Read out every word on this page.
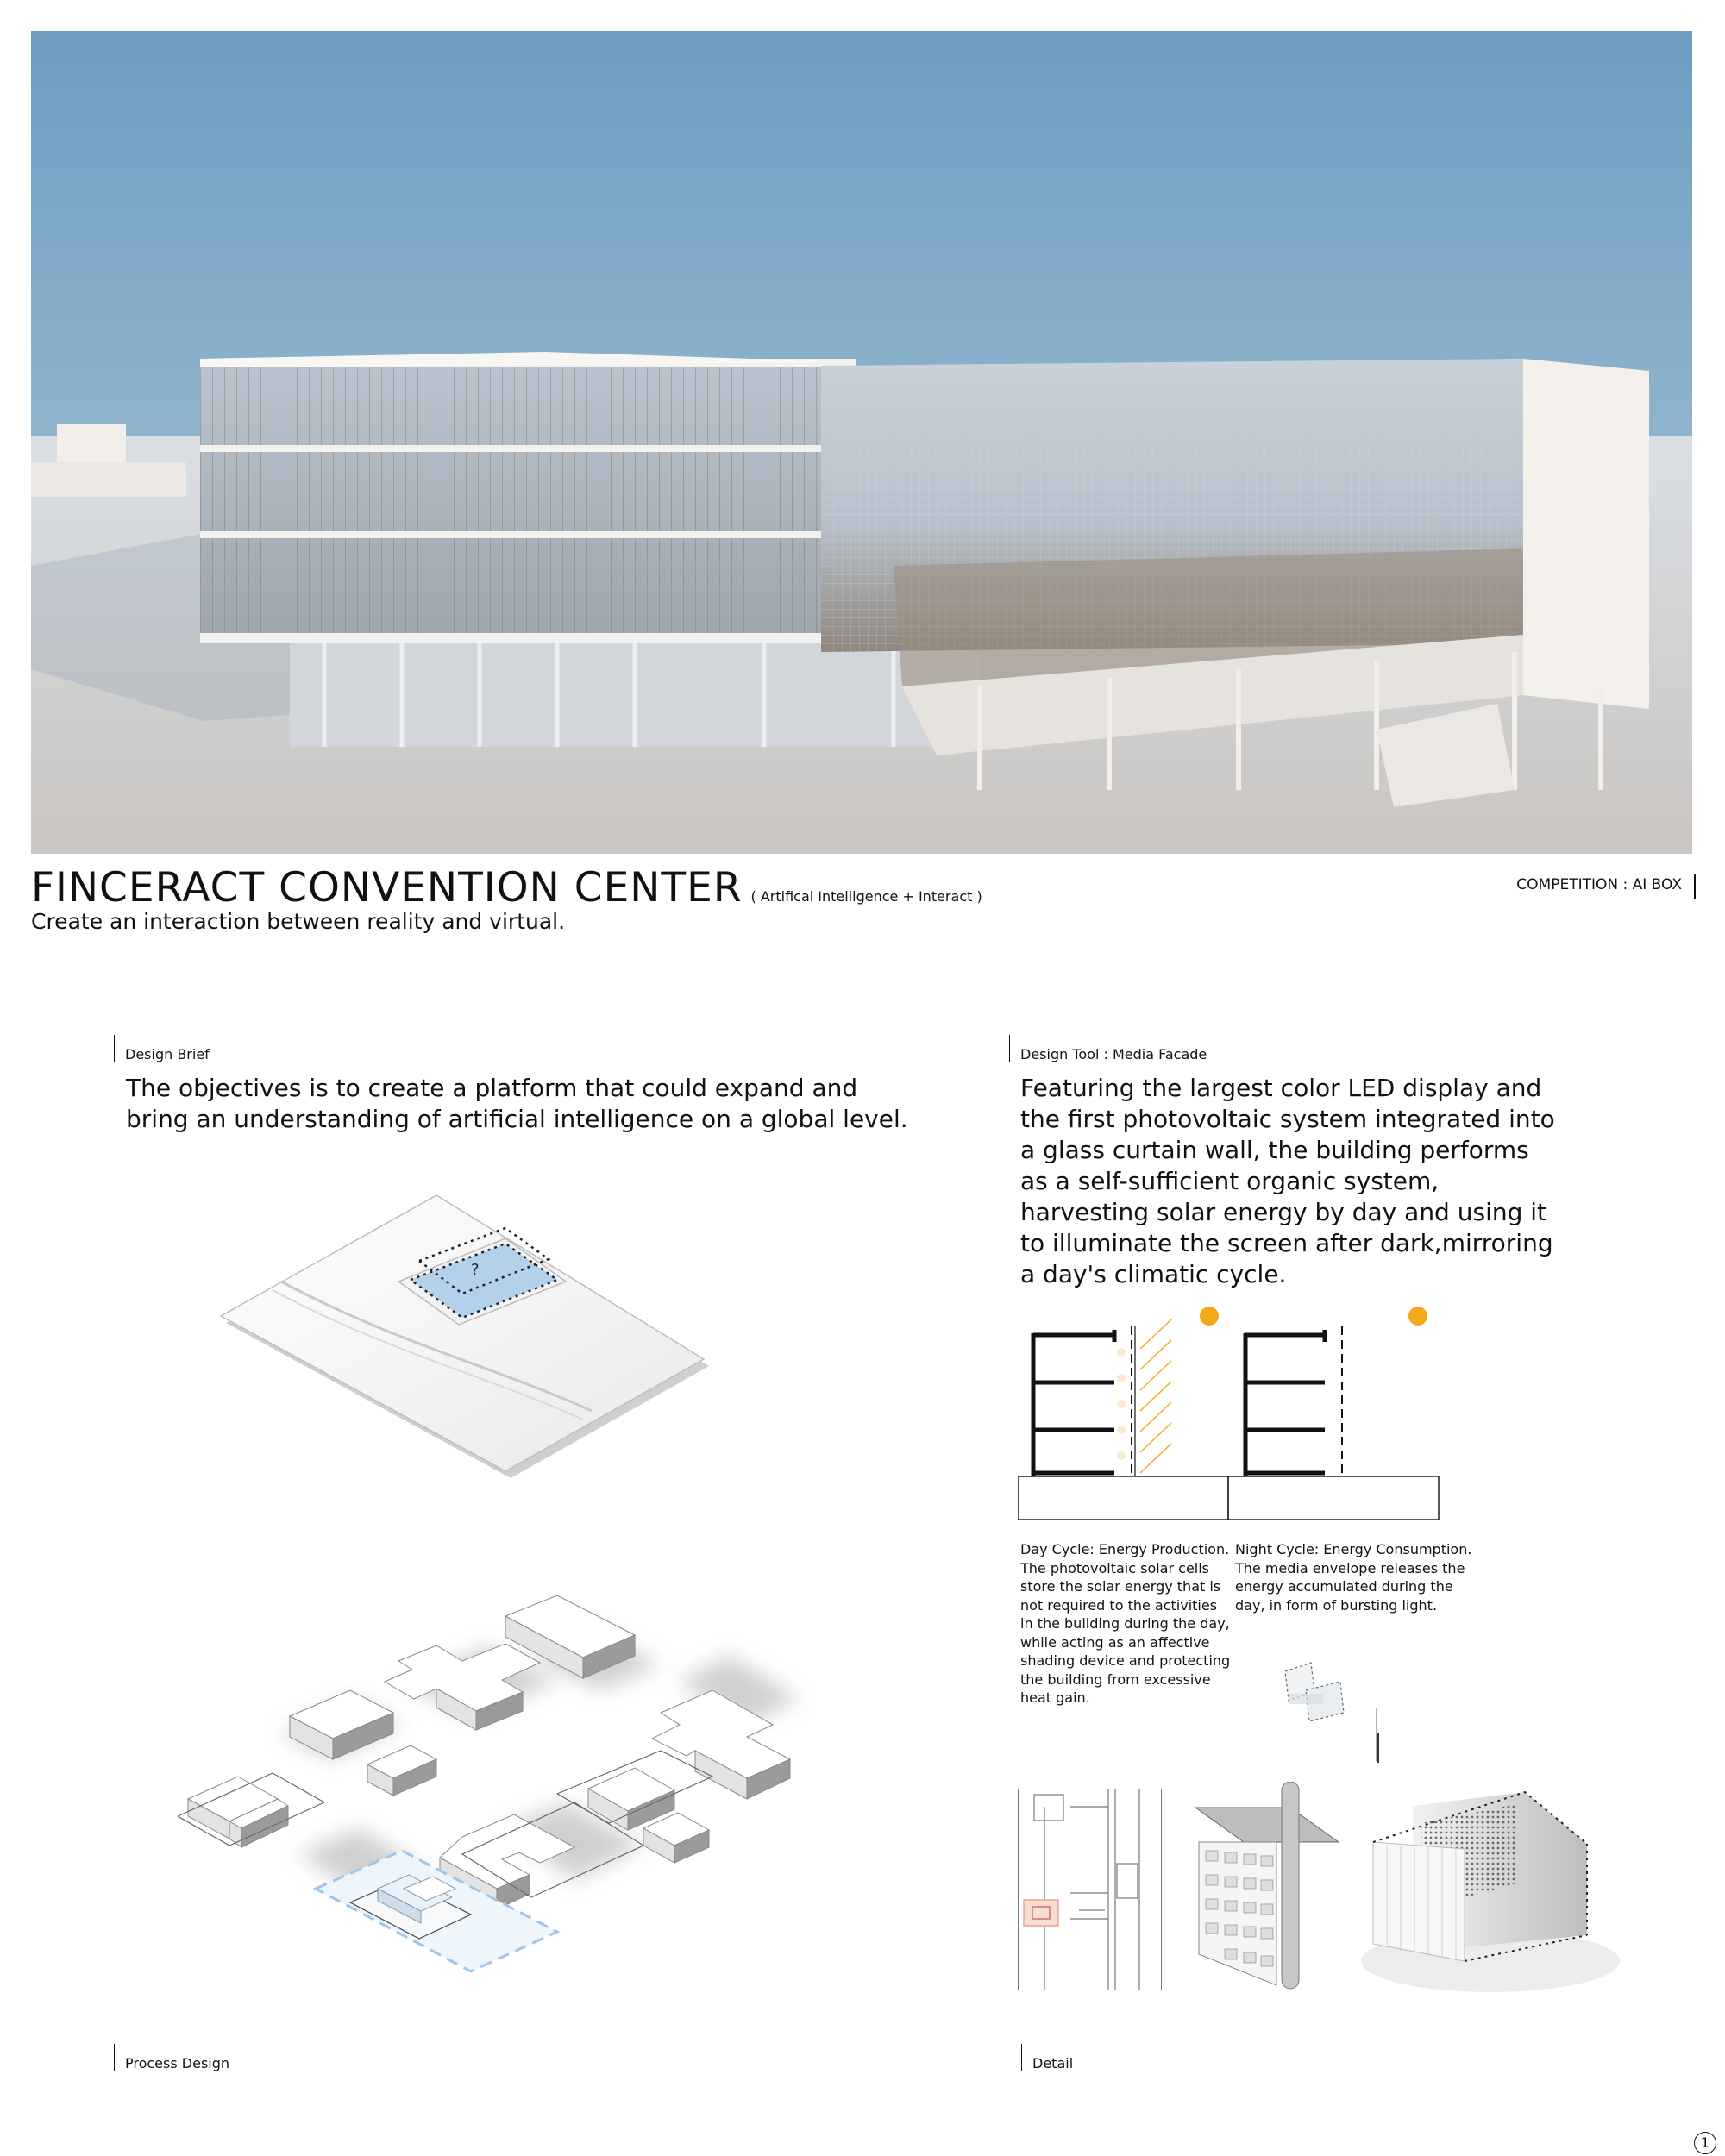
FINCERACT CONVENTION CENTER ( Artifical Intelligence + Interact )
Create an interaction between reality and virtual.
COMPETITION : AI BOX
Design Brief
The objectives is to create a platform that could expand and bring an understanding of artificial intelligence on a global level.
?
Process Design
Design Tool : Media Facade
Featuring the largest color LED display and the first photovoltaic system integrated into a glass curtain wall, the building performs as a self-sufficient organic system, harvesting solar energy by day and using it to illuminate the screen after dark,mirroring a day's climatic cycle.
Day Cycle: Energy Production. The photovoltaic solar cells store the solar energy that is not required to the activities in the building during the day, while acting as an affective shading device and protecting the building from excessive heat gain.
Night Cycle: Energy Consumption. The media envelope releases the energy accumulated during the day, in form of bursting light.
Detail
1
